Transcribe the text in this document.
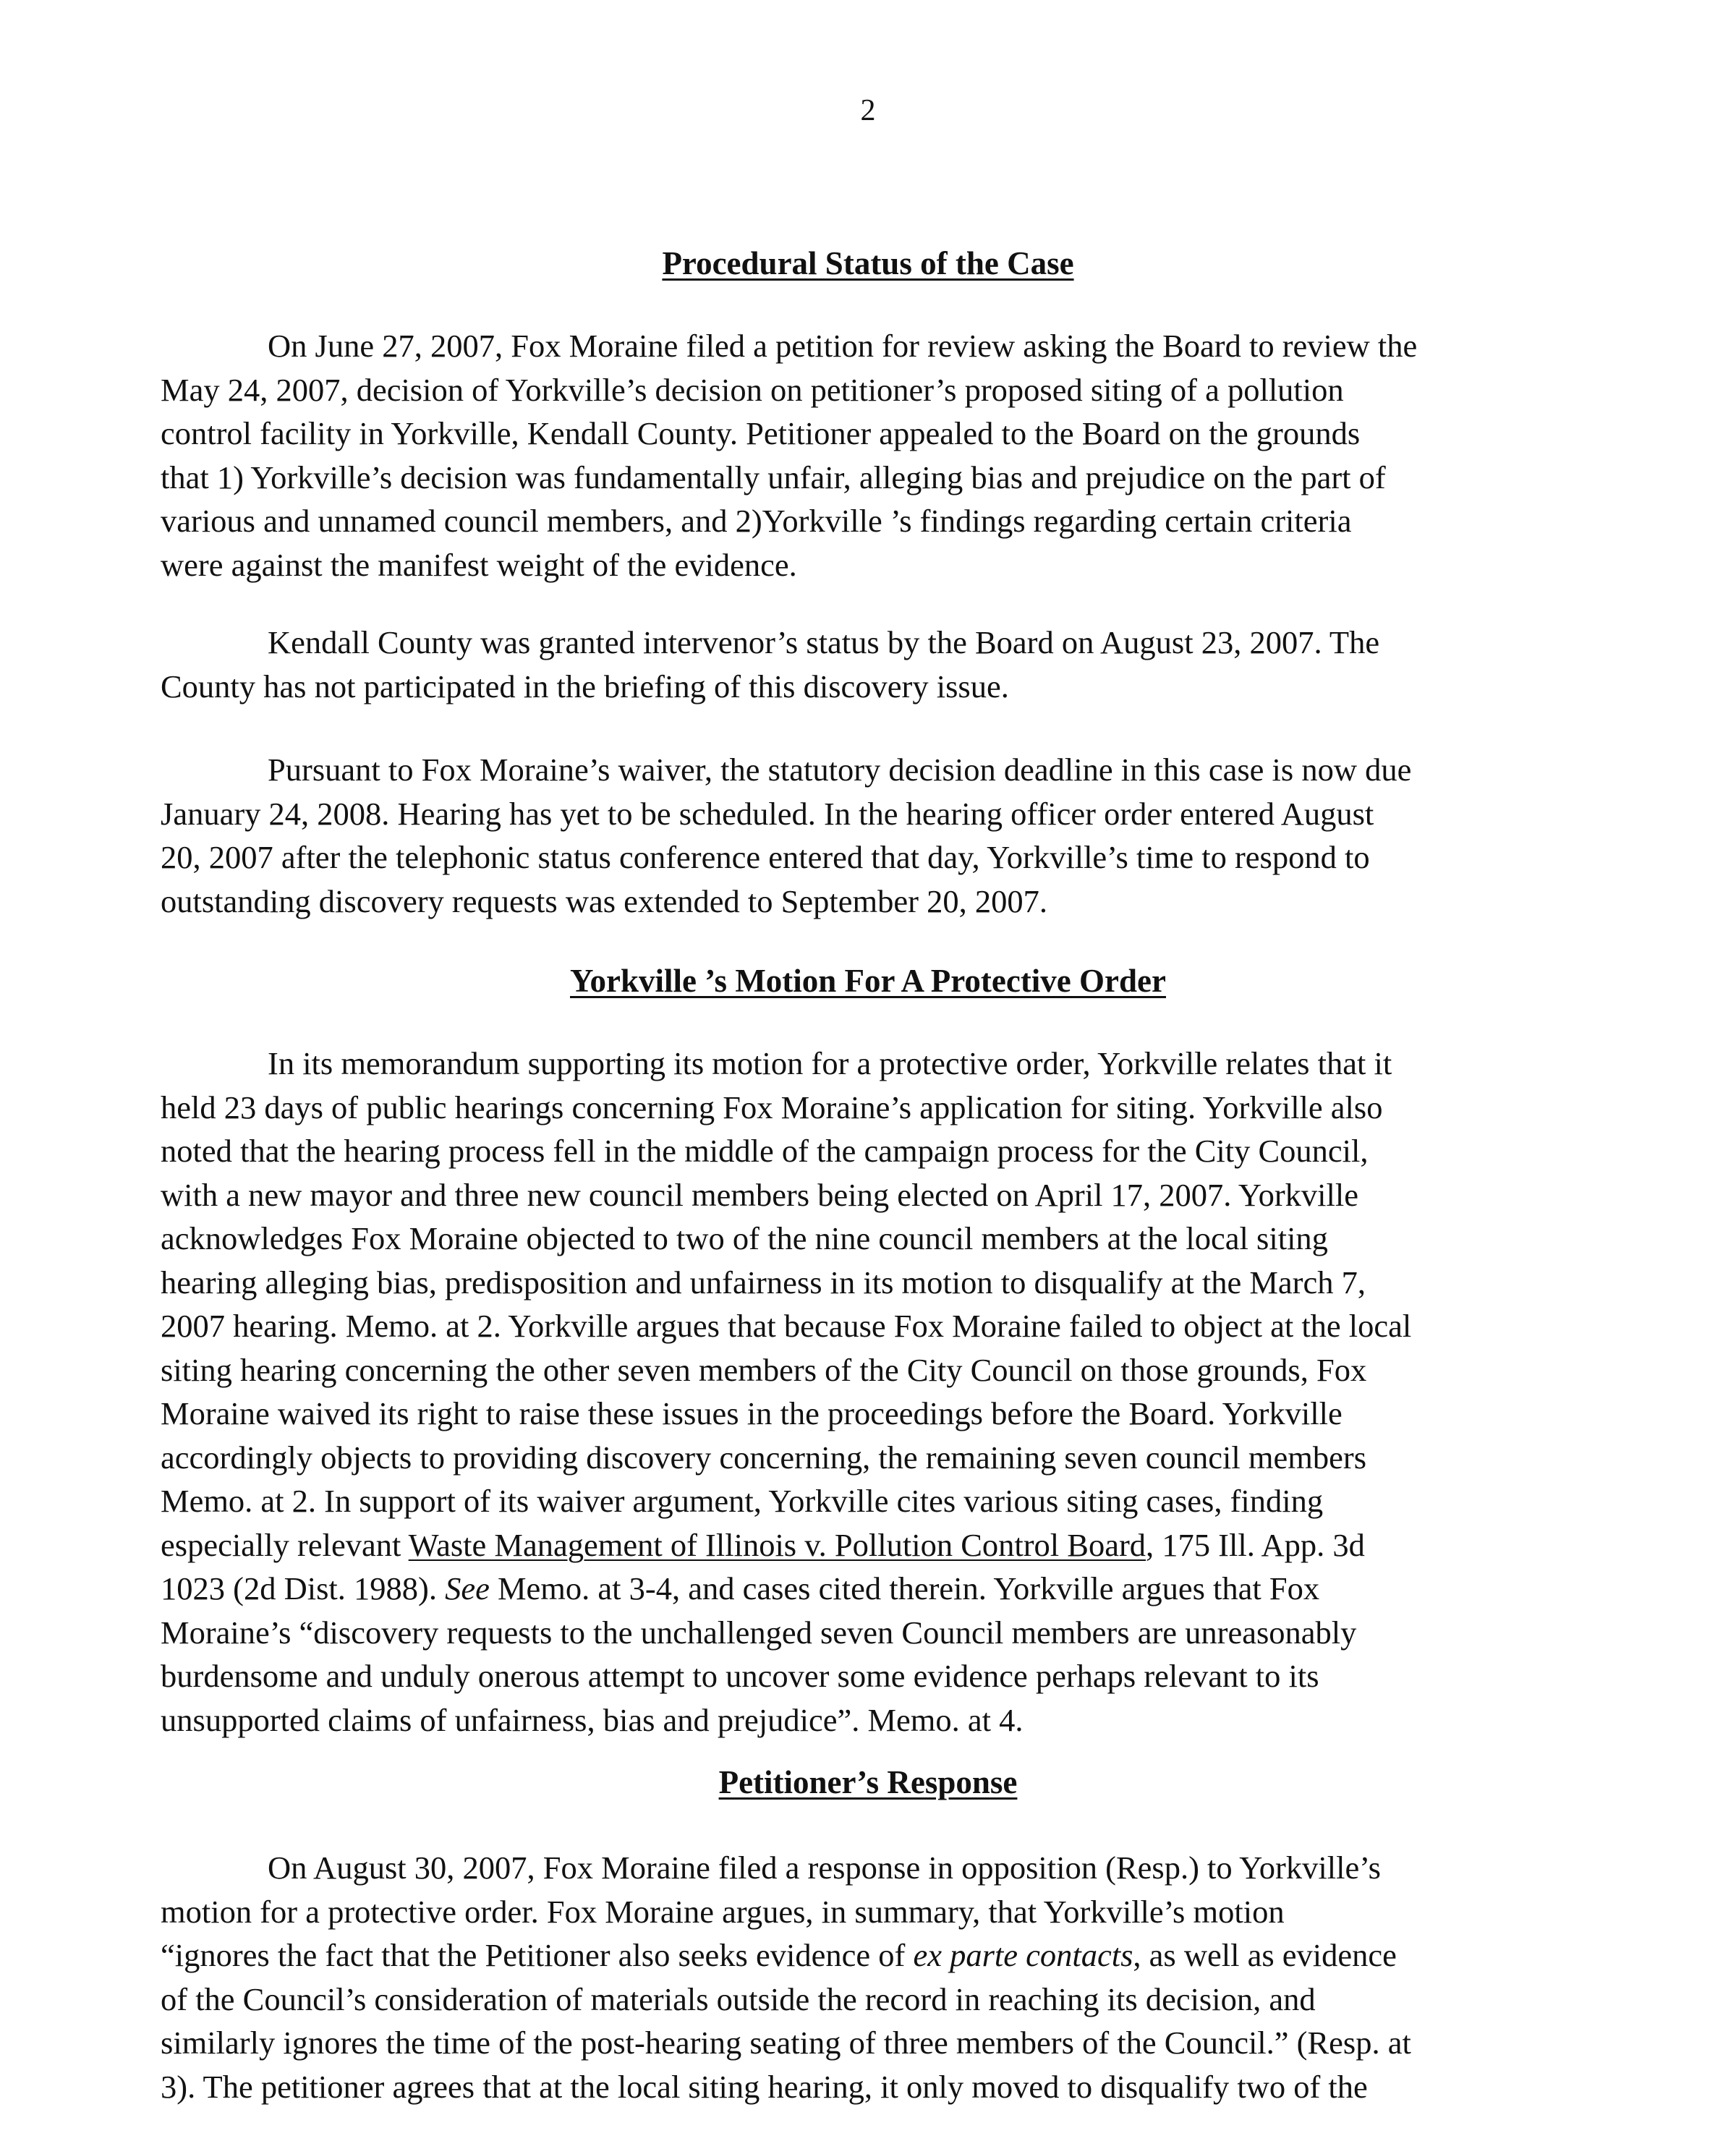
2
Procedural Status of the Case
On June 27, 2007, Fox Moraine filed a petition for review asking the Board to review the
May 24, 2007, decision of Yorkville’s decision on petitioner’s proposed siting of a pollution
control facility in Yorkville, Kendall County. Petitioner appealed to the Board on the grounds
that 1) Yorkville’s decision was fundamentally unfair, alleging bias and prejudice on the part of
various and unnamed council members, and 2)Yorkville ’s findings regarding certain criteria
were against the manifest weight of the evidence.
Kendall County was granted intervenor’s status by the Board on August 23, 2007. The
County has not participated in the briefing of this discovery issue.
Pursuant to Fox Moraine’s waiver, the statutory decision deadline in this case is now due
January 24, 2008. Hearing has yet to be scheduled. In the hearing officer order entered August
20, 2007 after the telephonic status conference entered that day, Yorkville’s time to respond to
outstanding discovery requests was extended to September 20, 2007.
Yorkville ’s Motion For A Protective Order
In its memorandum supporting its motion for a protective order, Yorkville relates that it
held 23 days of public hearings concerning Fox Moraine’s application for siting. Yorkville also
noted that the hearing process fell in the middle of the campaign process for the City Council,
with a new mayor and three new council members being elected on April 17, 2007. Yorkville
acknowledges Fox Moraine objected to two of the nine council members at the local siting
hearing alleging bias, predisposition and unfairness in its motion to disqualify at the March 7,
2007 hearing. Memo. at 2. Yorkville argues that because Fox Moraine failed to object at the local
siting hearing concerning the other seven members of the City Council on those grounds, Fox
Moraine waived its right to raise these issues in the proceedings before the Board. Yorkville
accordingly objects to providing discovery concerning, the remaining seven council members
Memo. at 2. In support of its waiver argument, Yorkville cites various siting cases, finding
especially relevant Waste Management of Illinois v. Pollution Control Board, 175 Ill. App. 3d
1023 (2d Dist. 1988). See Memo. at 3-4, and cases cited therein. Yorkville argues that Fox
Moraine’s “discovery requests to the unchallenged seven Council members are unreasonably
burdensome and unduly onerous attempt to uncover some evidence perhaps relevant to its
unsupported claims of unfairness, bias and prejudice”. Memo. at 4.
Petitioner’s Response
On August 30, 2007, Fox Moraine filed a response in opposition (Resp.) to Yorkville’s
motion for a protective order. Fox Moraine argues, in summary, that Yorkville’s motion
“ignores the fact that the Petitioner also seeks evidence of ex parte contacts, as well as evidence
of the Council’s consideration of materials outside the record in reaching its decision, and
similarly ignores the time of the post-hearing seating of three members of the Council.” (Resp. at
3). The petitioner agrees that at the local siting hearing, it only moved to disqualify two of the
